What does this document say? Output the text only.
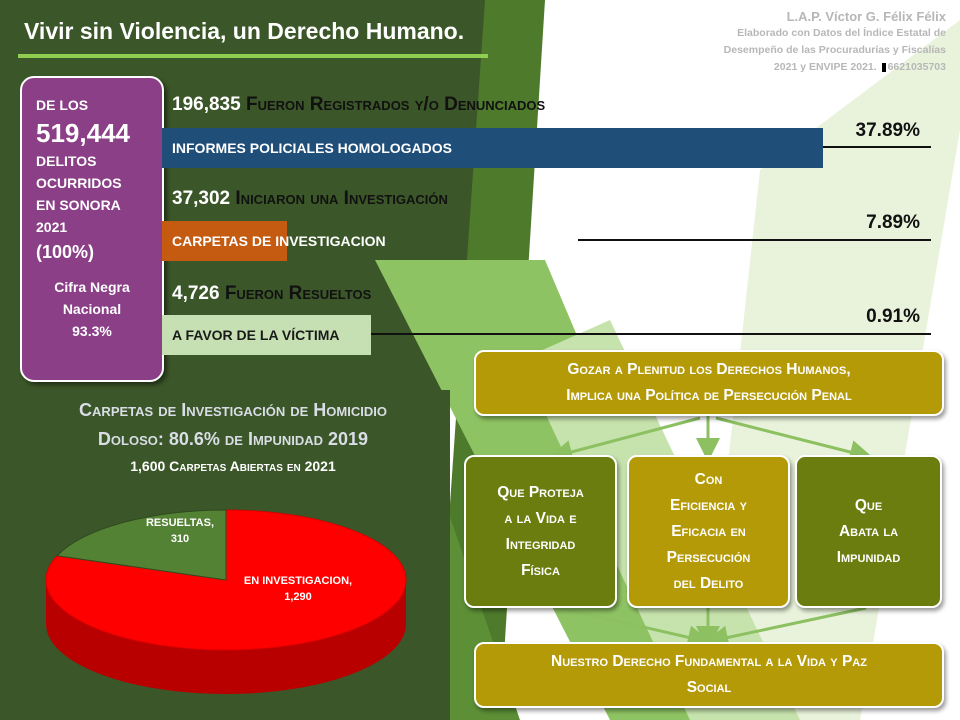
Vivir sin Violencia, un Derecho Humano.
L.A.P. Víctor G. Félix Félix
Elaborado con Datos del Índice Estatal de
Desempeño de las Procuradurías y Fiscalías
2021 y ENVIPE 2021. 6621035703
DE LOS
519,444
DELITOS
OCURRIDOS
EN SONORA
2021
(100%)
Cifra Negra
Nacional
93.3%
196,835 Fueron Registrados y/o Denunciados
INFORMES POLICIALES HOMOLOGADOS
37.89%
37,302 Iniciaron una Investigación
CARPETAS DE INVESTIGACION
7.89%
4,726 Fueron Resueltos
A FAVOR DE LA VÍCTIMA
0.91%
Carpetas de Investigación de Homicidio
Doloso: 80.6% de Impunidad 2019
1,600 Carpetas Abiertas en 2021
RESUELTAS,
310
EN INVESTIGACION,
1,290
Gozar a Plenitud los Derechos Humanos,
Implica una Política de Persecución Penal
Que Proteja
a la Vida e
Integridad
Física
Con
Eficiencia y
Eficacia en
Persecución
del Delito
Que
Abata la
Impunidad
Nuestro Derecho Fundamental a la Vida y Paz
Social
